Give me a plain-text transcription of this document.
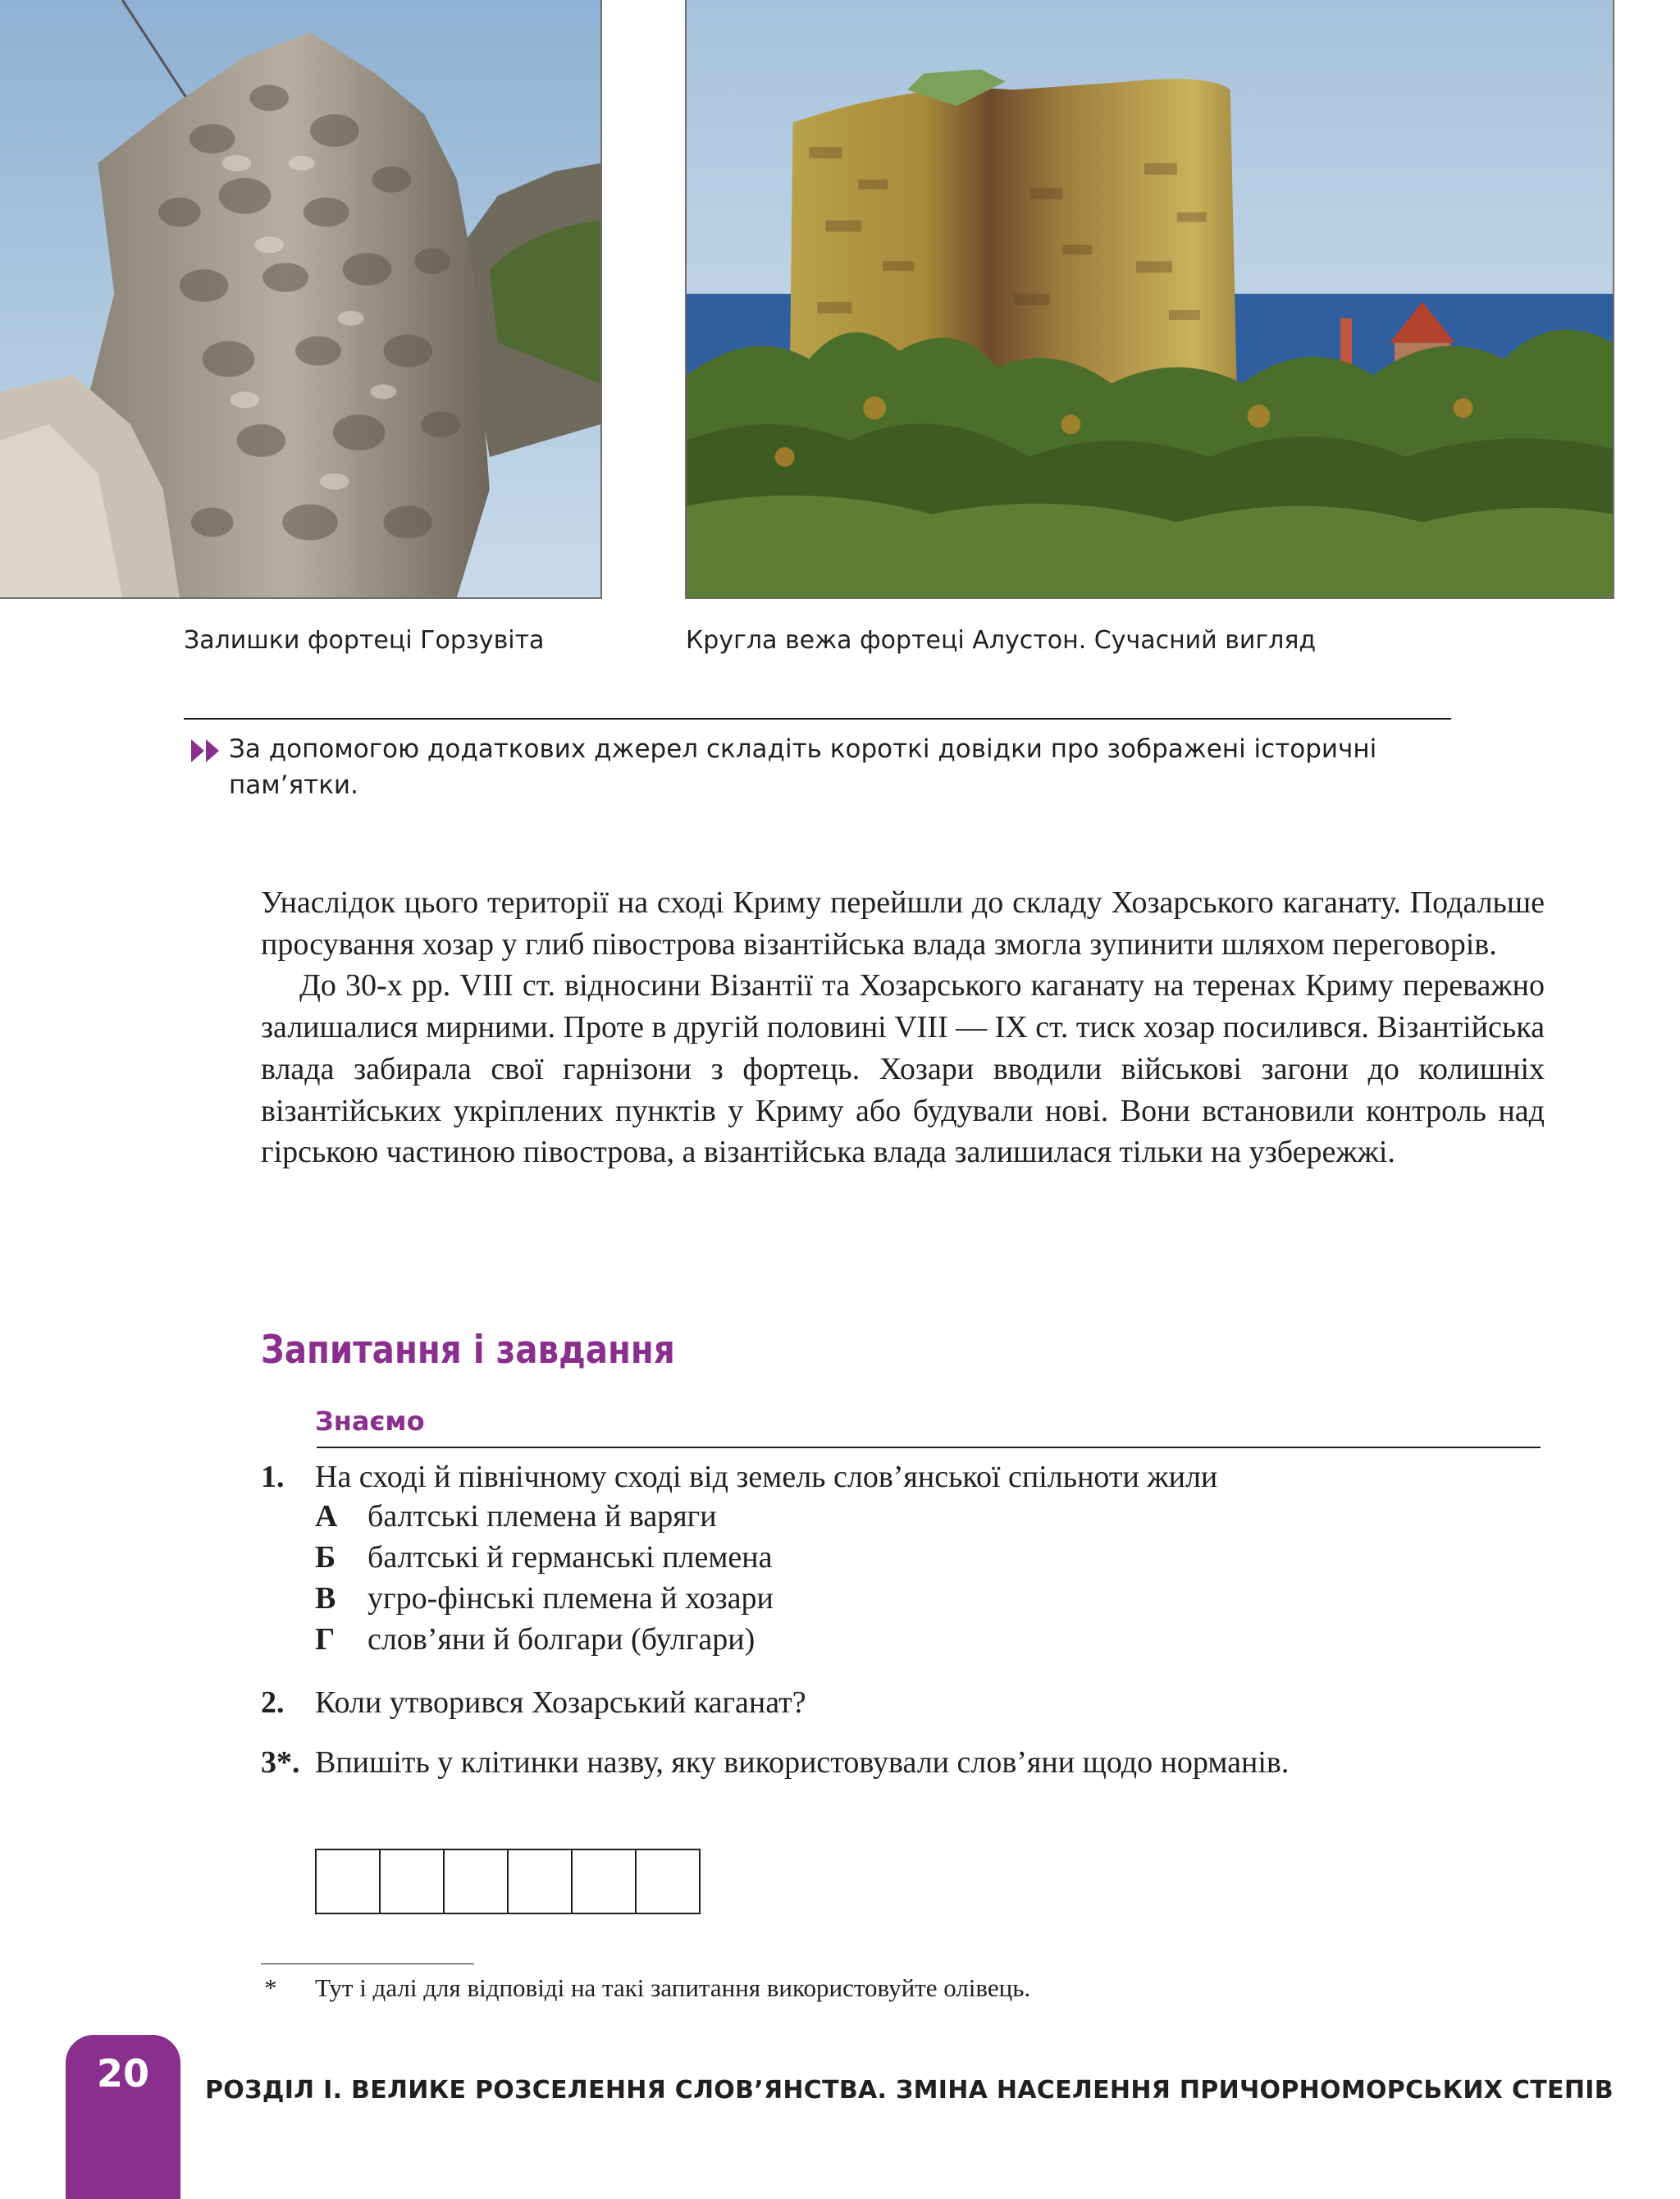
Залишки фортеці Горзувіта	Кругла вежа фортеці Алустон. Сучасний вигляд
За допомогою додаткових джерел складіть короткі довідки про зображені історичні пам’ятки.

Унаслідок цього території на сході Криму перейшли до складу Хозарського каганату. Подальше просування хозар у глиб півострова візантійська влада змогла зупинити шляхом переговорів.

До 30-х рр. VIII ст. відносини Візантії та Хозарського каганату на теренах Криму переважно залишалися мирними. Проте в другій половині VIII — IX ст. тиск хозар посилився. Візантійська влада забирала свої гарнізони з фортець. Хозари вводили військові загони до колишніх візантійських укріплених пунктів у Криму або будували нові. Вони встановили контроль над гірською частиною півострова, а візантійська влада залишилася тільки на узбережжі.

Запитання і завдання
Знаємо
1. На сході й північному сході від земель слов’янської спільноти жили
А балтські племена й варяги
Б балтські й германські племена
В угро-фінські племена й хозари
Г слов’яни й болгари (булгари)
2. Коли утворився Хозарський каганат?
3*. Впишіть у клітинки назву, яку використовували слов’яни щодо норманів.
* Тут і далі для відповіді на такі запитання використовуйте олівець.
20	РОЗДІЛ І. ВЕЛИКЕ РОЗСЕЛЕННЯ СЛОВ’ЯНСТВА. ЗМІНА НАСЕЛЕННЯ ПРИЧОРНОМОРСЬКИХ СТЕПІВ
